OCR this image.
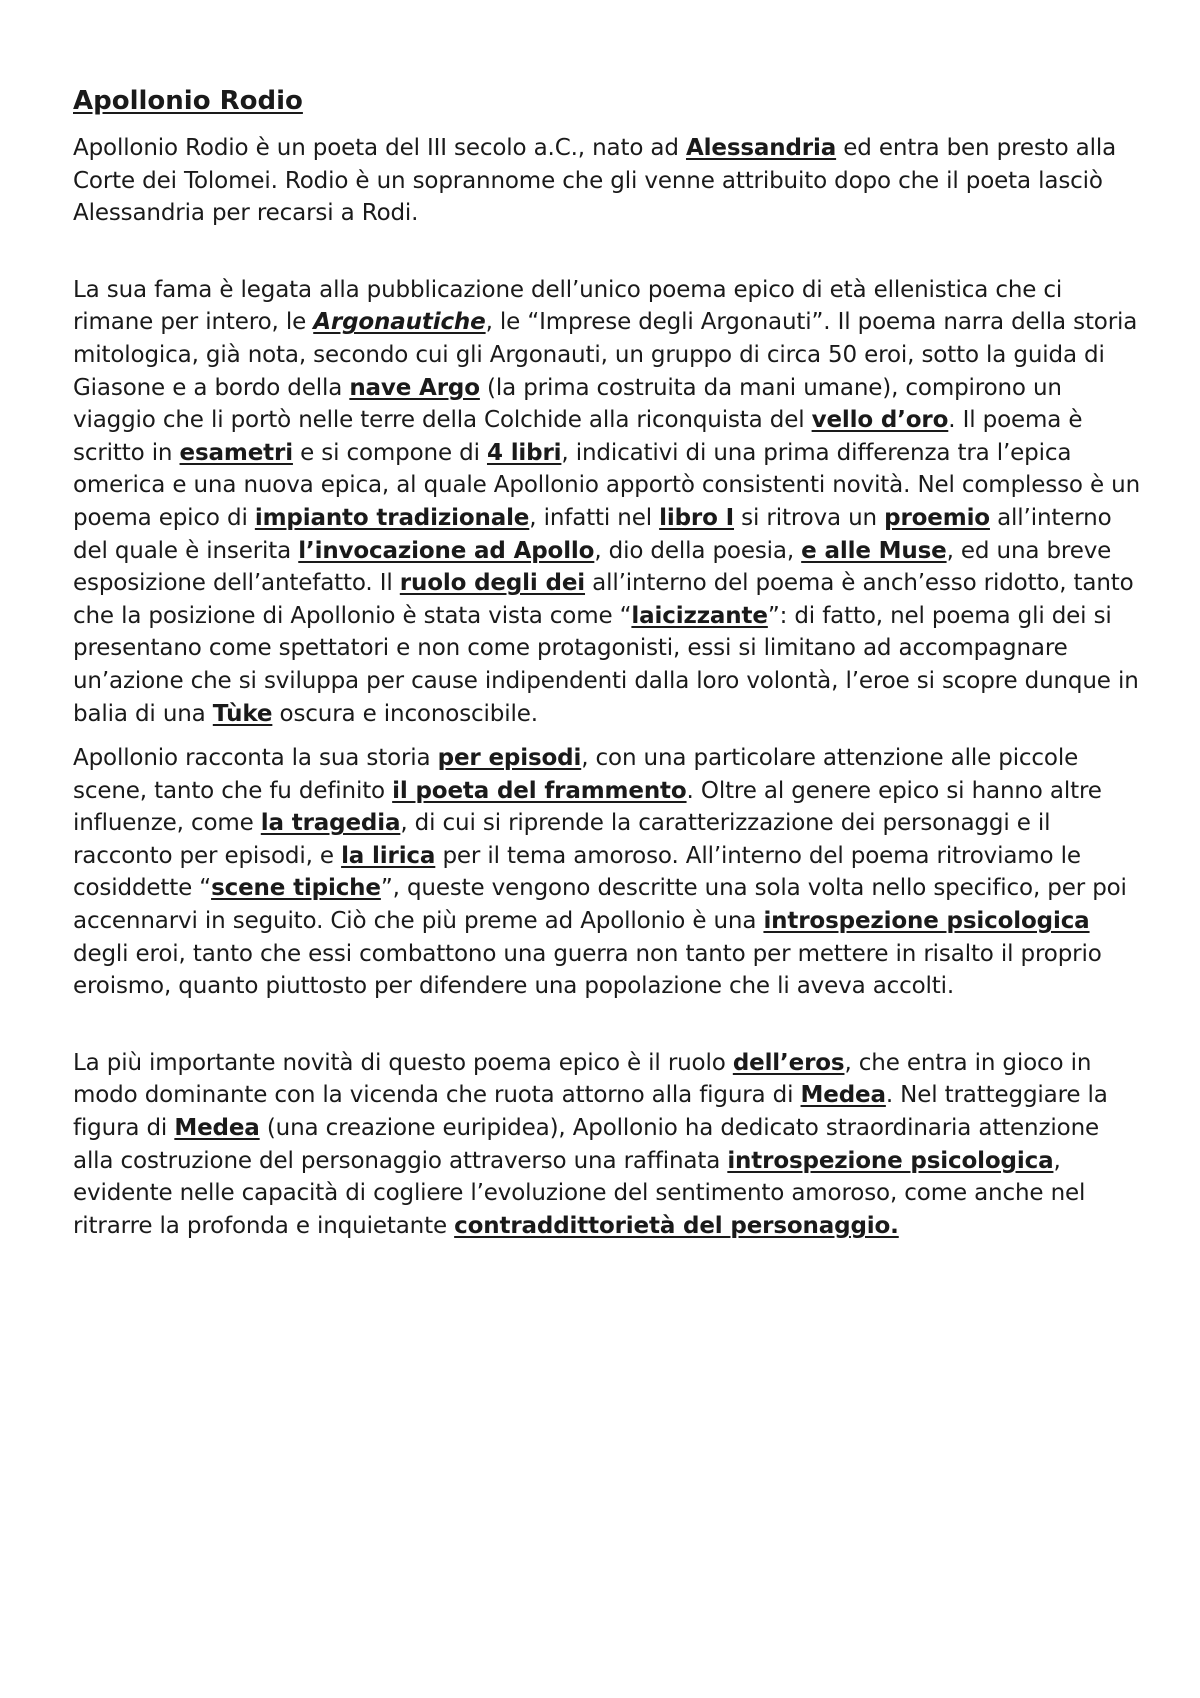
Apollonio Rodio

Apollonio Rodio è un poeta del III secolo a.C., nato ad Alessandria ed entra ben presto alla Corte dei Tolomei. Rodio è un soprannome che gli venne attribuito dopo che il poeta lasciò Alessandria per recarsi a Rodi.

La sua fama è legata alla pubblicazione dell’unico poema epico di età ellenistica che ci rimane per intero, le Argonautiche, le “Imprese degli Argonauti”. Il poema narra della storia mitologica, già nota, secondo cui gli Argonauti, un gruppo di circa 50 eroi, sotto la guida di Giasone e a bordo della nave Argo (la prima costruita da mani umane), compirono un viaggio che li portò nelle terre della Colchide alla riconquista del vello d’oro. Il poema è scritto in esametri e si compone di 4 libri, indicativi di una prima differenza tra l’epica omerica e una nuova epica, al quale Apollonio apportò consistenti novità. Nel complesso è un poema epico di impianto tradizionale, infatti nel libro I si ritrova un proemio all’interno del quale è inserita l’invocazione ad Apollo, dio della poesia, e alle Muse, ed una breve esposizione dell’antefatto. Il ruolo degli dei all’interno del poema è anch’esso ridotto, tanto che la posizione di Apollonio è stata vista come “laicizzante”: di fatto, nel poema gli dei si presentano come spettatori e non come protagonisti, essi si limitano ad accompagnare un’azione che si sviluppa per cause indipendenti dalla loro volontà, l’eroe si scopre dunque in balia di una Tùke oscura e inconoscibile.

Apollonio racconta la sua storia per episodi, con una particolare attenzione alle piccole scene, tanto che fu definito il poeta del frammento. Oltre al genere epico si hanno altre influenze, come la tragedia, di cui si riprende la caratterizzazione dei personaggi e il racconto per episodi, e la lirica per il tema amoroso. All’interno del poema ritroviamo le cosiddette “scene tipiche”, queste vengono descritte una sola volta nello specifico, per poi accennarvi in seguito. Ciò che più preme ad Apollonio è una introspezione psicologica degli eroi, tanto che essi combattono una guerra non tanto per mettere in risalto il proprio eroismo, quanto piuttosto per difendere una popolazione che li aveva accolti.

La più importante novità di questo poema epico è il ruolo dell’eros, che entra in gioco in modo dominante con la vicenda che ruota attorno alla figura di Medea. Nel tratteggiare la figura di Medea (una creazione euripidea), Apollonio ha dedicato straordinaria attenzione alla costruzione del personaggio attraverso una raffinata introspezione psicologica, evidente nelle capacità di cogliere l’evoluzione del sentimento amoroso, come anche nel ritrarre la profonda e inquietante contraddittorietà del personaggio.
